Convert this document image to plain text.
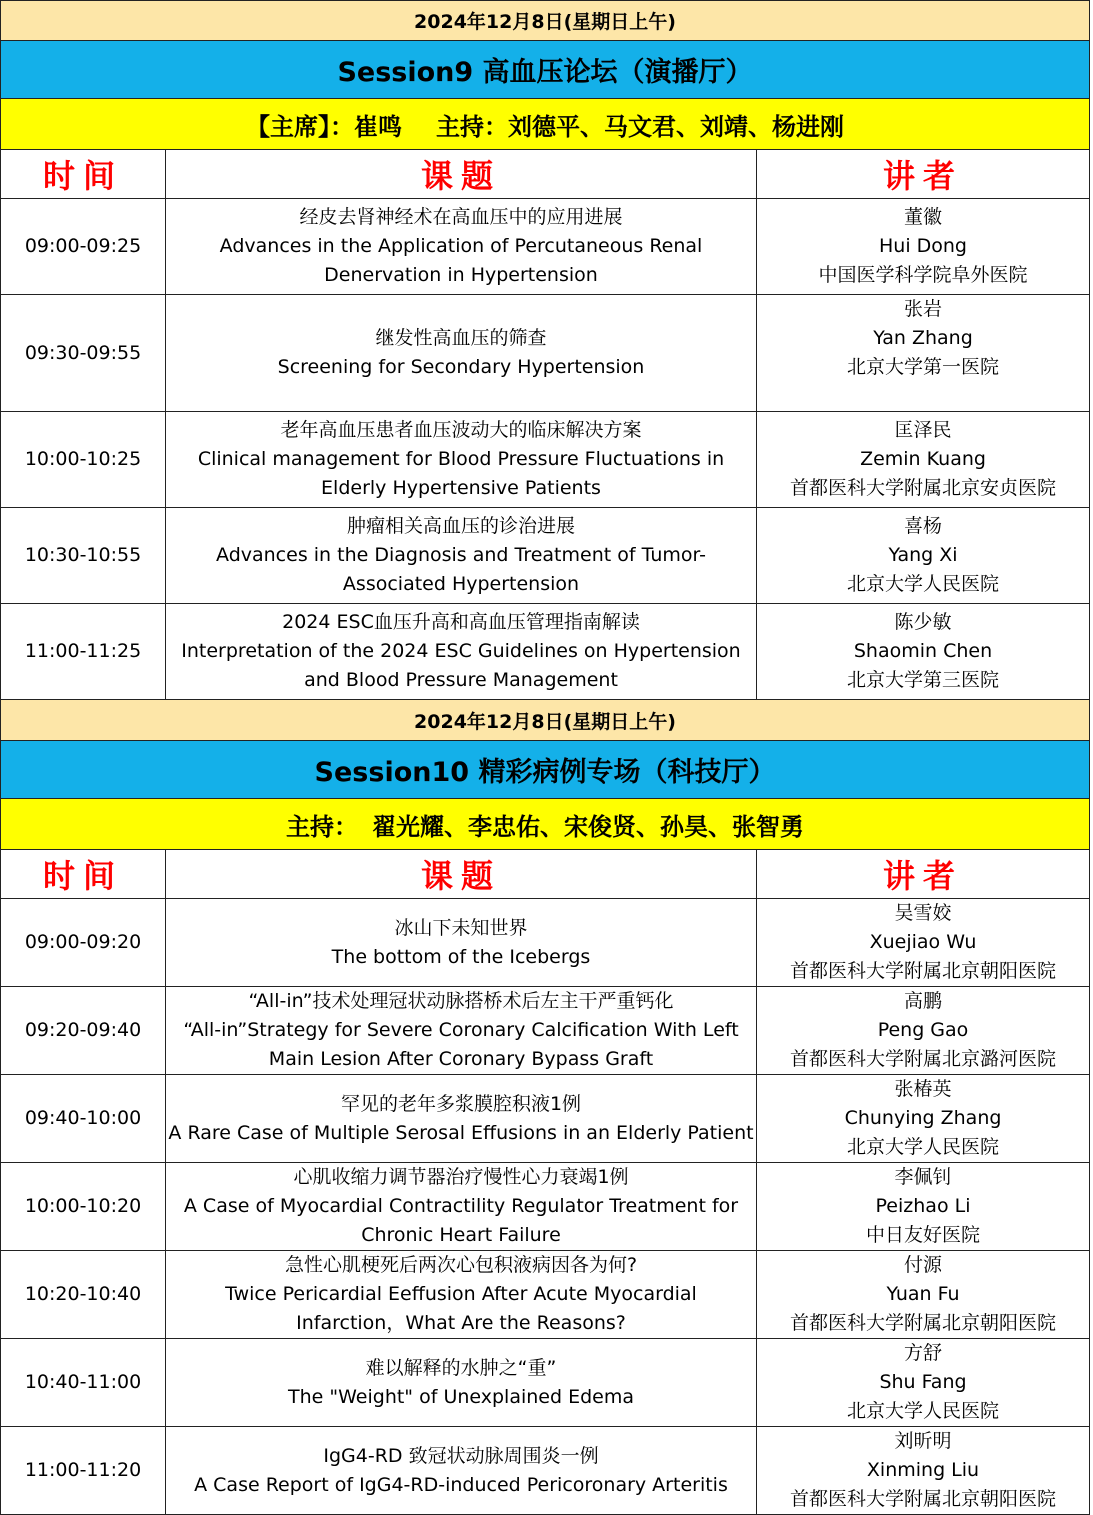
2024年12月8日(星期日上午)		
Session9 高血压论坛（演播厅）		
【主席】：崔鸣 主持：刘德平、马文君、刘靖、杨进刚		
时间	课题	讲者
09:00-09:25	经皮去肾神经术在高血压中的应用进展
Advances in the Application of Percutaneous Renal
Denervation in Hypertension	董徽
Hui Dong
中国医学科学院阜外医院

09:30-09:55	继发性高血压的筛查
Screening for Secondary Hypertension	张岩
Yan Zhang
北京大学第一医院

10:00-10:25	老年高血压患者血压波动大的临床解决方案
Clinical management for Blood Pressure Fluctuations in
Elderly Hypertensive Patients	匡泽民
Zemin Kuang
首都医科大学附属北京安贞医院

10:30-10:55	肿瘤相关高血压的诊治进展
Advances in the Diagnosis and Treatment of Tumor-
Associated Hypertension	喜杨
Yang Xi
北京大学人民医院

11:00-11:25	2024 ESC血压升高和高血压管理指南解读
Interpretation of the 2024 ESC Guidelines on Hypertension
and Blood Pressure Management	陈少敏
Shaomin Chen
北京大学第三医院

2024年12月8日(星期日上午)		
Session10 精彩病例专场（科技厅）		
主持： 翟光耀、李忠佑、宋俊贤、孙昊、张智勇		
时间	课题	讲者
09:00-09:20	冰山下未知世界
The bottom of the Icebergs	吴雪姣
Xuejiao Wu
首都医科大学附属北京朝阳医院

09:20-09:40	“All-in”技术处理冠状动脉搭桥术后左主干严重钙化
“All-in”Strategy for Severe Coronary Calcification With Left
Main Lesion After Coronary Bypass Graft	高鹏
Peng Gao
首都医科大学附属北京潞河医院

09:40-10:00	罕见的老年多浆膜腔积液1例
A Rare Case of Multiple Serosal Effusions in an Elderly Patient	张椿英
Chunying Zhang
北京大学人民医院

10:00-10:20	心肌收缩力调节器治疗慢性心力衰竭1例
A Case of Myocardial Contractility Regulator Treatment for
Chronic Heart Failure	李佩钊
Peizhao Li
中日友好医院

10:20-10:40	急性心肌梗死后两次心包积液病因各为何?
Twice Pericardial Eeffusion After Acute Myocardial
Infarction，What Are the Reasons?	付源
Yuan Fu
首都医科大学附属北京朝阳医院

10:40-11:00	难以解释的水肿之“重”
The "Weight" of Unexplained Edema	方舒
Shu Fang
北京大学人民医院

11:00-11:20	IgG4-RD 致冠状动脉周围炎一例
A Case Report of IgG4-RD-induced Pericoronary Arteritis	刘昕明
Xinming Liu
首都医科大学附属北京朝阳医院
